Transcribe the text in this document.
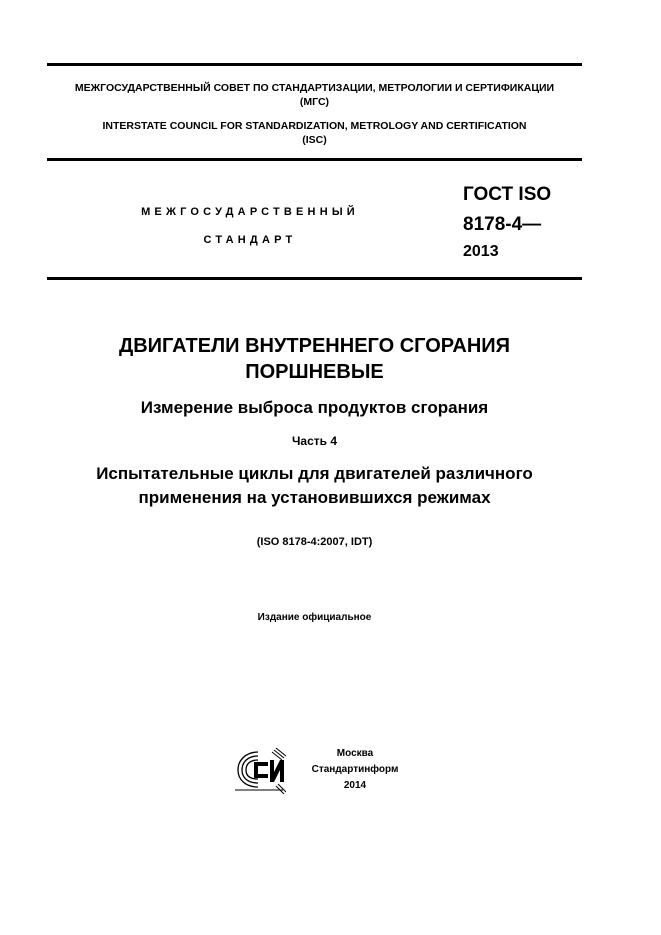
МЕЖГОСУДАРСТВЕННЫЙ СОВЕТ ПО СТАНДАРТИЗАЦИИ, МЕТРОЛОГИИ И СЕРТИФИКАЦИИ
(МГС)
INTERSTATE COUNCIL FOR STANDARDIZATION, METROLOGY AND CERTIFICATION
(ISC)
МЕЖГОСУДАРСТВЕННЫЙ
СТАНДАРТ
ГОСТ ISO
8178-4—
2013
ДВИГАТЕЛИ ВНУТРЕННЕГО СГОРАНИЯ
ПОРШНЕВЫЕ
Измерение выброса продуктов сгорания
Часть 4
Испытательные циклы для двигателей различного
применения на установившихся режимах
(ISO 8178-4:2007, IDT)
Издание официальное
Москва
Стандартинформ
2014
